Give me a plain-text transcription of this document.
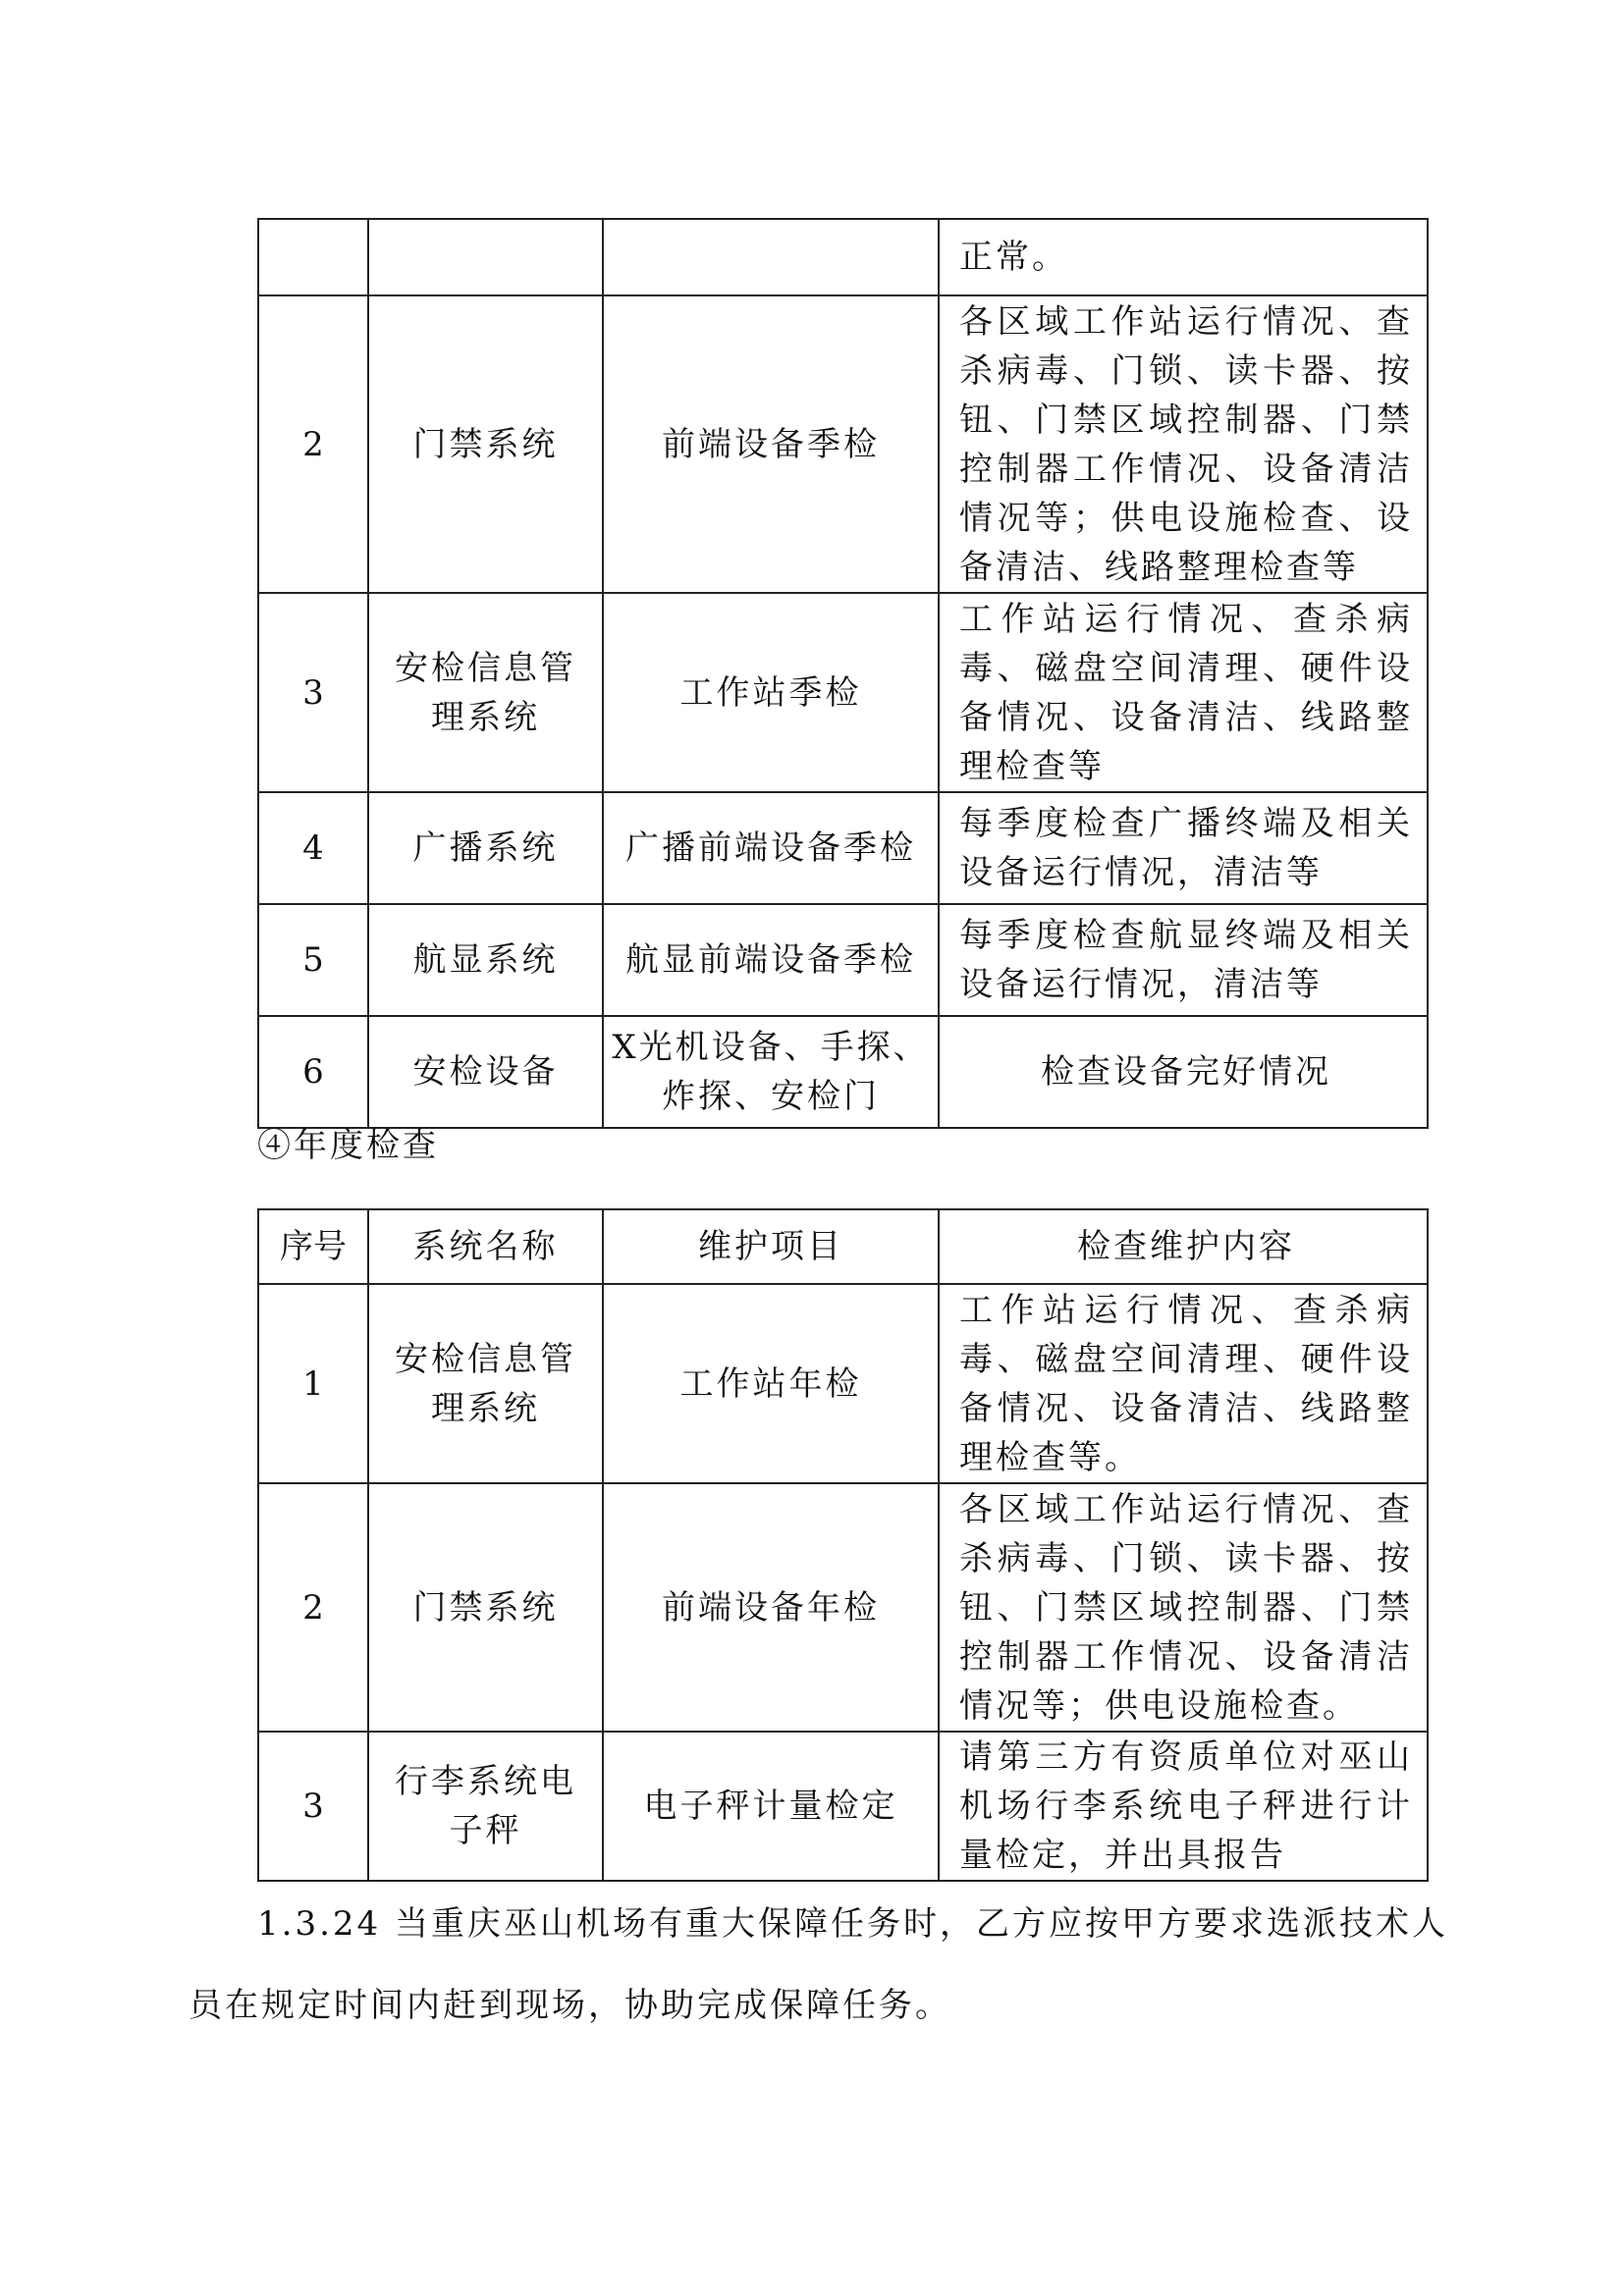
			正常。
2	门禁系统	前端设备季检	各区域工作站运行情况、查杀病毒、门锁、读卡器、按钮、门禁区域控制器、门禁控制器工作情况、设备清洁情况等；供电设施检查、设备清洁、线路整理检查等
3	安检信息管理系统	工作站季检	工作站运行情况、查杀病毒、磁盘空间清理、硬件设备情况、设备清洁、线路整理检查等
4	广播系统	广播前端设备季检	每季度检查广播终端及相关设备运行情况，清洁等
5	航显系统	航显前端设备季检	每季度检查航显终端及相关设备运行情况，清洁等
6	安检设备	X光机设备、手探、炸探、安检门	检查设备完好情况
④年度检查
序号	系统名称	维护项目	检查维护内容
1	安检信息管理系统	工作站年检	工作站运行情况、查杀病毒、磁盘空间清理、硬件设备情况、设备清洁、线路整理检查等。
2	门禁系统	前端设备年检	各区域工作站运行情况、查杀病毒、门锁、读卡器、按钮、门禁区域控制器、门禁控制器工作情况、设备清洁情况等；供电设施检查。
3	行李系统电子秤	电子秤计量检定	请第三方有资质单位对巫山机场行李系统电子秤进行计量检定，并出具报告
1.3.24 当重庆巫山机场有重大保障任务时，乙方应按甲方要求选派技术人
员在规定时间内赶到现场，协助完成保障任务。
